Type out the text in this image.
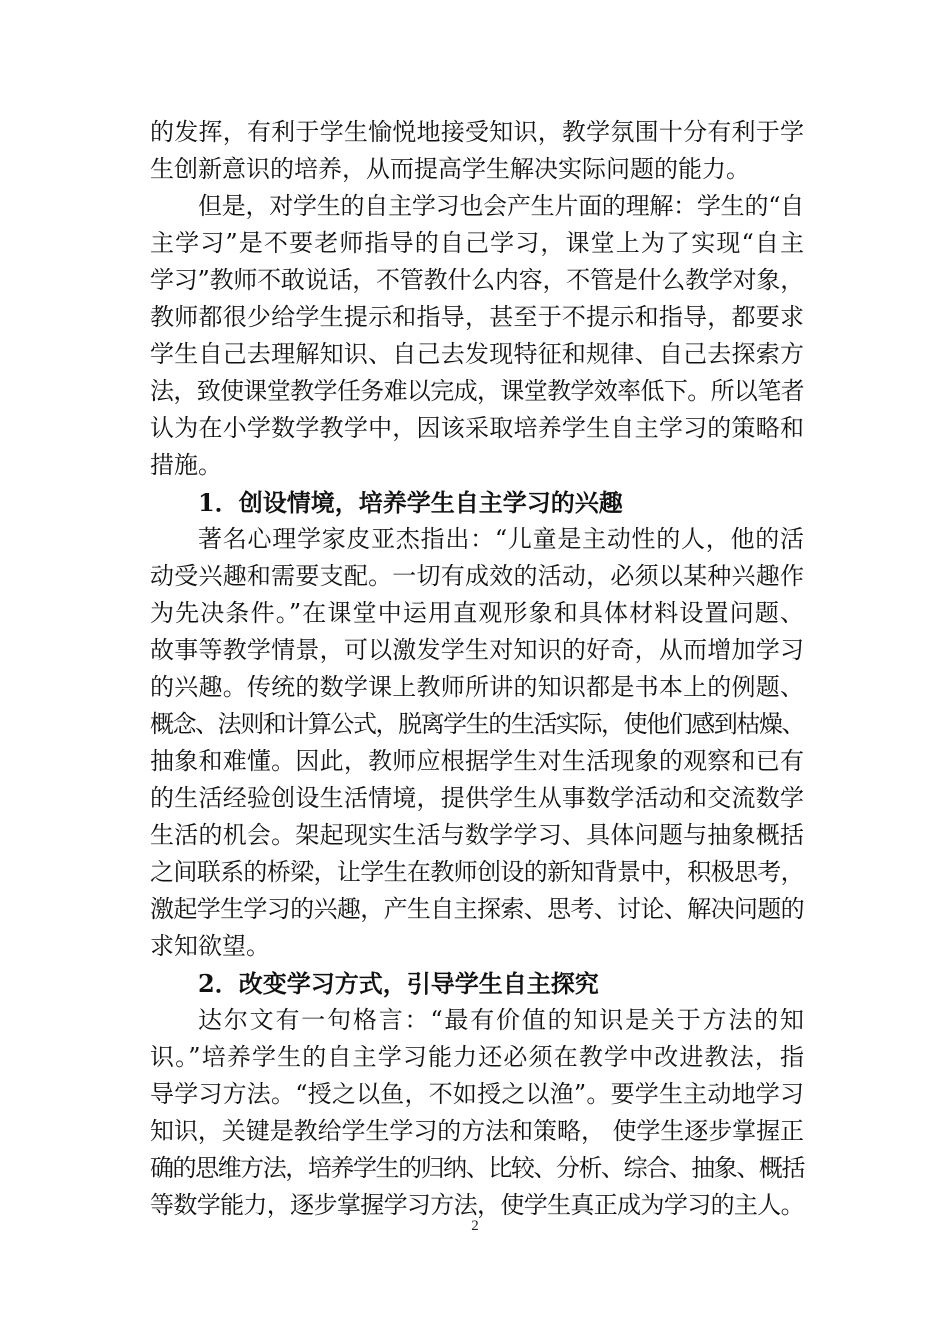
的发挥，有利于学生愉悦地接受知识，教学氛围十分有利于学
生创新意识的培养，从而提高学生解决实际问题的能力。
但是，对学生的自主学习也会产生片面的理解：学生的“自
主学习”是不要老师指导的自己学习，课堂上为了实现“自主
学习”教师不敢说话，不管教什么内容，不管是什么教学对象，
教师都很少给学生提示和指导，甚至于不提示和指导，都要求
学生自己去理解知识、自己去发现特征和规律、自己去探索方
法，致使课堂教学任务难以完成，课堂教学效率低下。所以笔者
认为在小学数学教学中，因该采取培养学生自主学习的策略和
措施。
1．创设情境，培养学生自主学习的兴趣
著名心理学家皮亚杰指出：“儿童是主动性的人，他的活
动受兴趣和需要支配。一切有成效的活动，必须以某种兴趣作
为先决条件。”在课堂中运用直观形象和具体材料设置问题、
故事等教学情景，可以激发学生对知识的好奇，从而增加学习
的兴趣。传统的数学课上教师所讲的知识都是书本上的例题、
概念、法则和计算公式，脱离学生的生活实际，使他们感到枯燥、
抽象和难懂。因此，教师应根据学生对生活现象的观察和已有
的生活经验创设生活情境，提供学生从事数学活动和交流数学
生活的机会。架起现实生活与数学学习、具体问题与抽象概括
之间联系的桥梁，让学生在教师创设的新知背景中，积极思考，
激起学生学习的兴趣，产生自主探索、思考、讨论、解决问题的
求知欲望。
2．改变学习方式，引导学生自主探究
达尔文有一句格言：“最有价值的知识是关于方法的知
识。”培养学生的自主学习能力还必须在教学中改进教法，指
导学习方法。“授之以鱼，不如授之以渔”。要学生主动地学习
知识，关键是教给学生学习的方法和策略， 使学生逐步掌握正
确的思维方法，培养学生的归纳、比较、分析、综合、抽象、概括
等数学能力，逐步掌握学习方法，使学生真正成为学习的主人。
2
